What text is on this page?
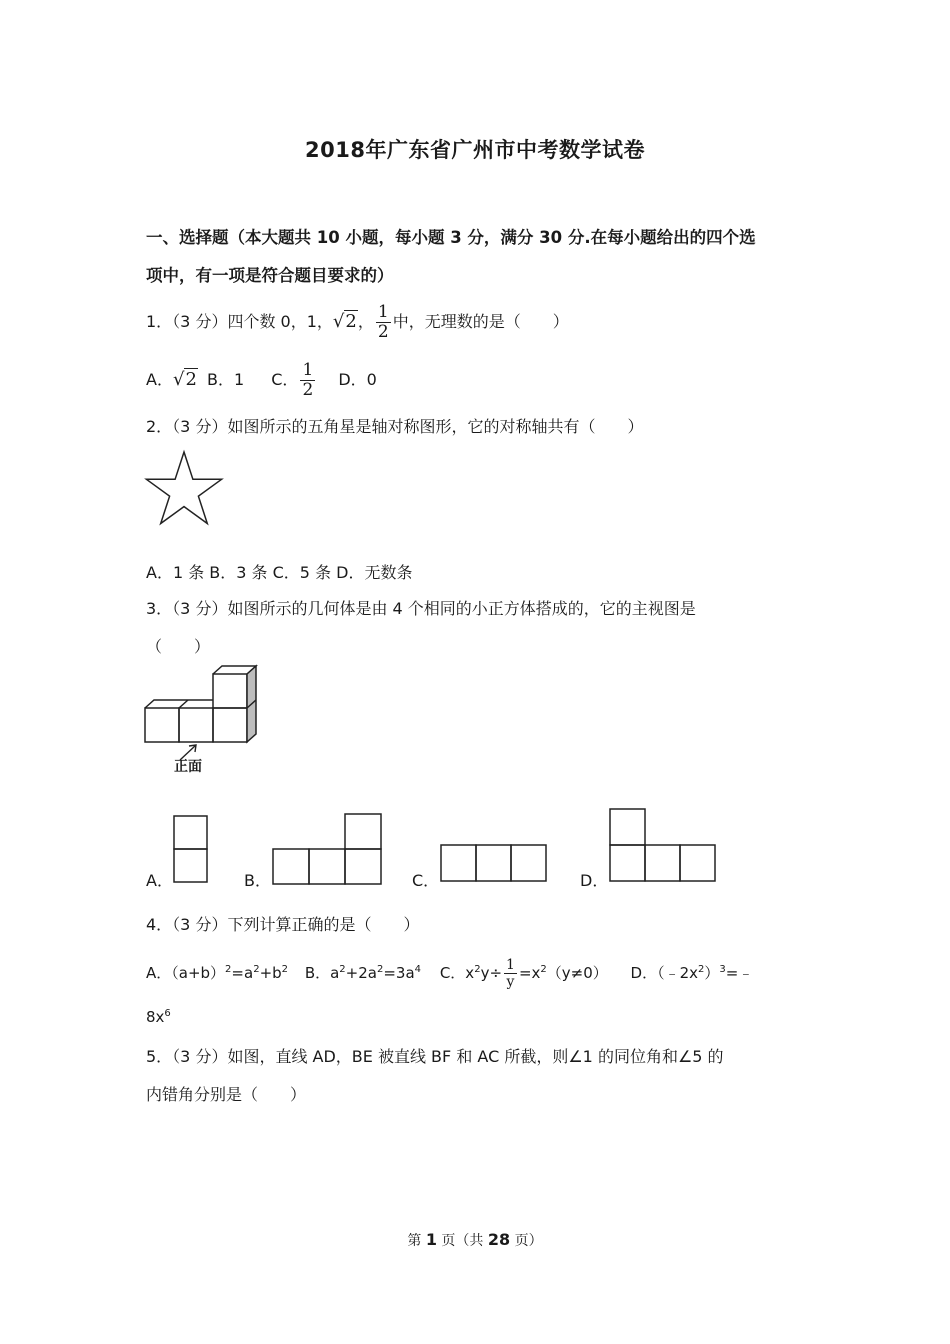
2018年广东省广州市中考数学试卷
一、选择题（本大题共 10 小题，每小题 3 分，满分 30 分.在每小题给出的四个选
项中，有一项是符合题目要求的）
1．（3 分）四个数 0，1，√2， $\frac{1}{2}$ 中，无理数的是（　　）
A．√2 B．1 C． $\frac{1}{2}$ D．0
2．（3 分）如图所示的五角星是轴对称图形，它的对称轴共有（　　）
A．1 条 B．3 条 C．5 条 D．无数条
3．（3 分）如图所示的几何体是由 4 个相同的小正方体搭成的，它的主视图是
（　　）
正面
A．	B．	C．	D．
4．（3 分）下列计算正确的是（　　）
A．$(a+b)^2=a^2+b^2$ B．$a^2+2a^2=3a^4$ C．$x^2y\div \frac{1}{y} =x^2(y\ne 0)$ D．$(﹣2x^2)^3=﹣$
$8x^6$
5．（3 分）如图，直线 AD，BE 被直线 BF 和 AC 所截，则∠1 的同位角和∠5 的
内错角分别是（　　）
第 1 页（共 28 页）
